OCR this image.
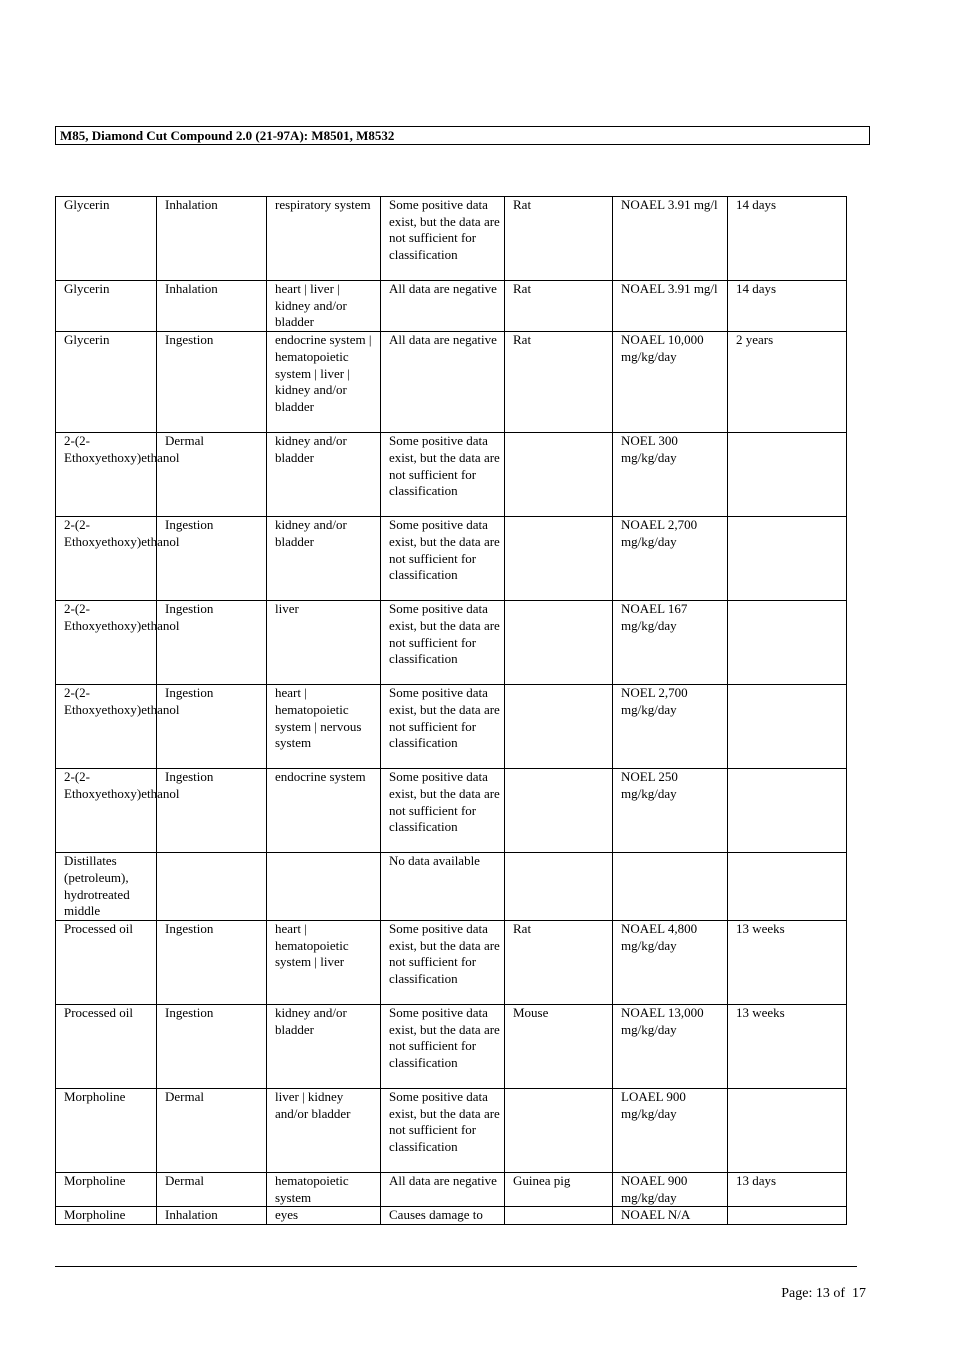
M85, Diamond Cut Compound 2.0 (21-97A): M8501, M8532
Glycerin	Inhalation	respiratory system	Some positive data exist, but the data are not sufficient for classification	Rat	NOAEL 3.91 mg/l	14 days
Glycerin	Inhalation	heart | liver | kidney and/or bladder	All data are negative	Rat	NOAEL 3.91 mg/l	14 days
Glycerin	Ingestion	endocrine system | hematopoietic system | liver | kidney and/or bladder	All data are negative	Rat	NOAEL 10,000 mg/kg/day	2 years
2-(2-Ethoxyethoxy)ethanol	Dermal	kidney and/or bladder	Some positive data exist, but the data are not sufficient for classification		NOEL 300 mg/kg/day	
2-(2-Ethoxyethoxy)ethanol	Ingestion	kidney and/or bladder	Some positive data exist, but the data are not sufficient for classification		NOAEL 2,700 mg/kg/day	
2-(2-Ethoxyethoxy)ethanol	Ingestion	liver	Some positive data exist, but the data are not sufficient for classification		NOAEL 167 mg/kg/day	
2-(2-Ethoxyethoxy)ethanol	Ingestion	heart | hematopoietic system | nervous system	Some positive data exist, but the data are not sufficient for classification		NOEL 2,700 mg/kg/day	
2-(2-Ethoxyethoxy)ethanol	Ingestion	endocrine system	Some positive data exist, but the data are not sufficient for classification		NOEL 250 mg/kg/day	
Distillates (petroleum), hydrotreated middle			No data available			
Processed oil	Ingestion	heart | hematopoietic system | liver	Some positive data exist, but the data are not sufficient for classification	Rat	NOAEL 4,800 mg/kg/day	13 weeks
Processed oil	Ingestion	kidney and/or bladder	Some positive data exist, but the data are not sufficient for classification	Mouse	NOAEL 13,000 mg/kg/day	13 weeks
Morpholine	Dermal	liver | kidney and/or bladder	Some positive data exist, but the data are not sufficient for classification		LOAEL 900 mg/kg/day	
Morpholine	Dermal	hematopoietic system	All data are negative	Guinea pig	NOAEL 900 mg/kg/day	13 days
Morpholine	Inhalation	eyes	Causes damage to		NOAEL N/A	
Page: 13 of  17
